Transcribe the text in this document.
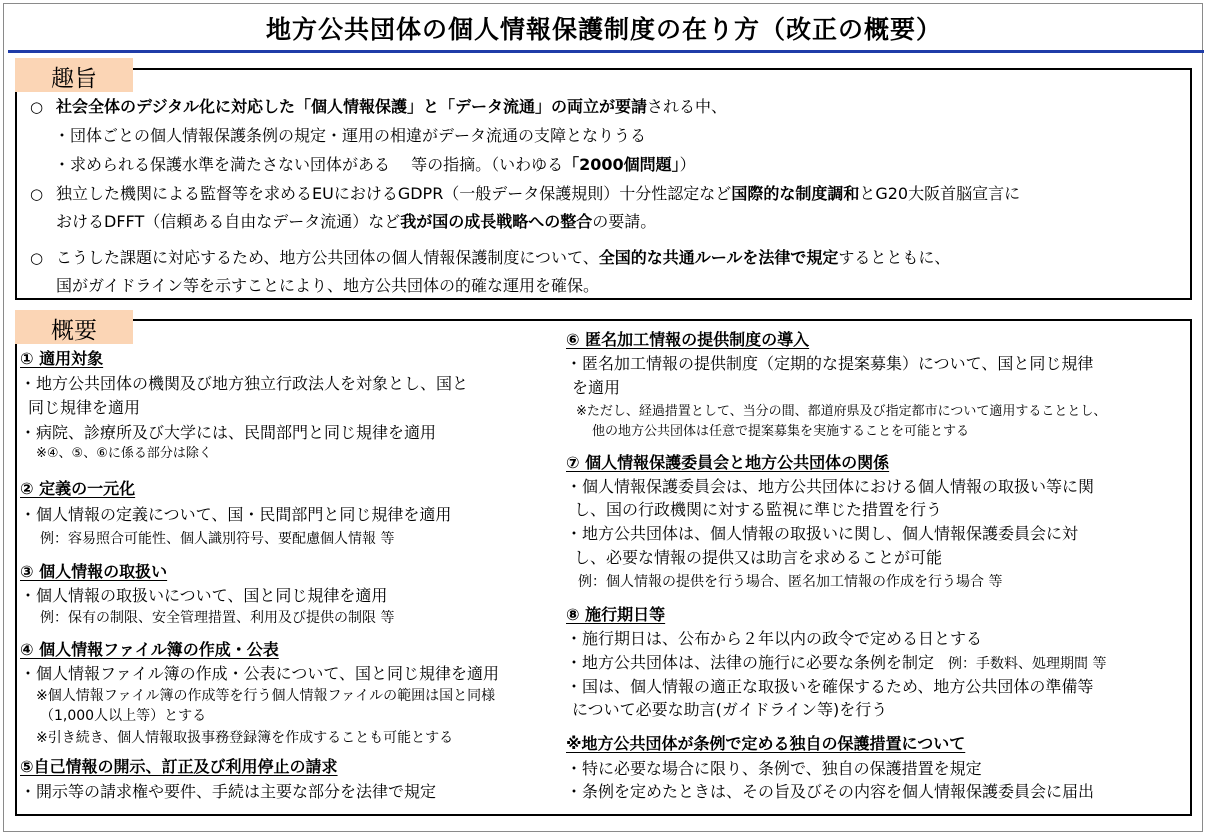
地方公共団体の個人情報保護制度の在り方（改正の概要）
趣旨
○ 社会全体のデジタル化に対応した「個人情報保護」と「データ流通」の両立が要請される中、
・団体ごとの個人情報保護条例の規定・運用の相違がデータ流通の支障となりうる
・求められる保護水準を満たさない団体がある　 等の指摘。（いわゆる「2000個問題」）
○ 独立した機関による監督等を求めるEUにおけるGDPR（一般データ保護規則）十分性認定など国際的な制度調和とG20大阪首脳宣言に
おけるDFFT（信頼ある自由なデータ流通）など我が国の成長戦略への整合の要請。
○ こうした課題に対応するため、地方公共団体の個人情報保護制度について、全国的な共通ルールを法律で規定するとともに、
国がガイドライン等を示すことにより、地方公共団体の的確な運用を確保。
概要
① 適用対象
・地方公共団体の機関及び地方独立行政法人を対象とし、国と
同じ規律を適用
・病院、診療所及び大学には、民間部門と同じ規律を適用
※④、⑤、⑥に係る部分は除く
② 定義の一元化
・個人情報の定義について、国・民間部門と同じ規律を適用
例：容易照合可能性、個人識別符号、要配慮個人情報 等
③ 個人情報の取扱い
・個人情報の取扱いについて、国と同じ規律を適用
例：保有の制限、安全管理措置、利用及び提供の制限 等
④ 個人情報ファイル簿の作成・公表
・個人情報ファイル簿の作成・公表について、国と同じ規律を適用
※個人情報ファイル簿の作成等を行う個人情報ファイルの範囲は国と同様
（1,000人以上等）とする
※引き続き、個人情報取扱事務登録簿を作成することも可能とする
⑤自己情報の開示、訂正及び利用停止の請求
・開示等の請求権や要件、手続は主要な部分を法律で規定
⑥ 匿名加工情報の提供制度の導入
・匿名加工情報の提供制度（定期的な提案募集）について、国と同じ規律
を適用
※ただし、経過措置として、当分の間、都道府県及び指定都市について適用することとし、
他の地方公共団体は任意で提案募集を実施することを可能とする
⑦ 個人情報保護委員会と地方公共団体の関係
・個人情報保護委員会は、地方公共団体における個人情報の取扱い等に関
し、国の行政機関に対する監視に準じた措置を行う
・地方公共団体は、個人情報の取扱いに関し、個人情報保護委員会に対
し、必要な情報の提供又は助言を求めることが可能
例：個人情報の提供を行う場合、匿名加工情報の作成を行う場合 等
⑧ 施行期日等
・施行期日は、公布から２年以内の政令で定める日とする
・地方公共団体は、法律の施行に必要な条例を制定 例：手数料、処理期間 等
・国は、個人情報の適正な取扱いを確保するため、地方公共団体の準備等
について必要な助言(ガイドライン等)を行う
※地方公共団体が条例で定める独自の保護措置について
・特に必要な場合に限り、条例で、独自の保護措置を規定
・条例を定めたときは、その旨及びその内容を個人情報保護委員会に届出
